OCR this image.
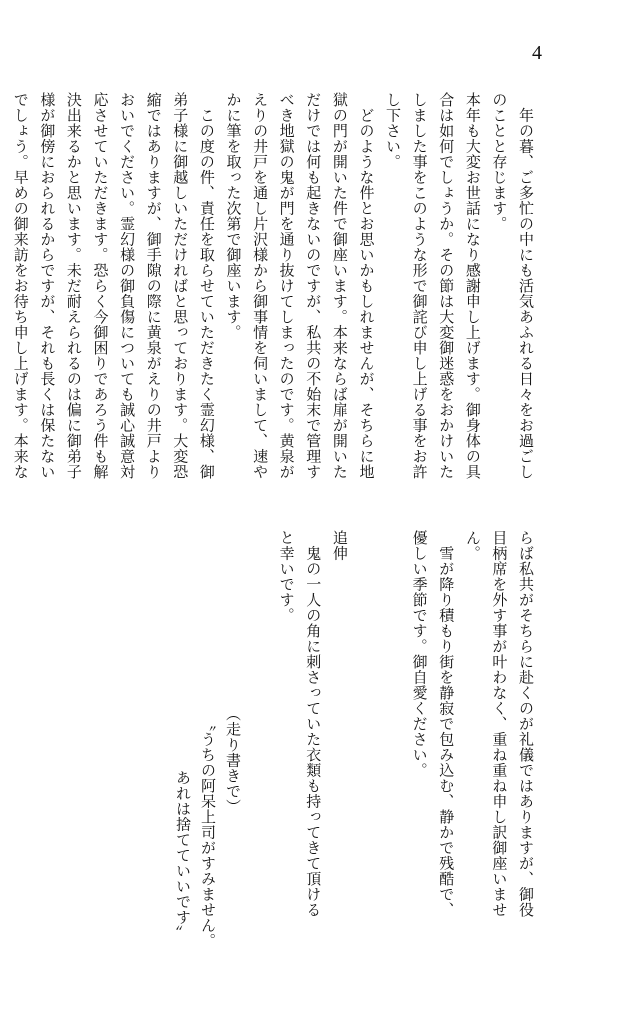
4
　年の暮、ご多忙の中にも活気あふれる日々をお過ごし
のことと存じます。
本年も大変お世話になり感謝申し上げます。御身体の具
合は如何でしょうか。その節は大変御迷惑をおかけいた
しました事をこのような形で御詫び申し上げる事をお許
し下さい。
　どのような件とお思いかもしれませんが、そちらに地
獄の門が開いた件で御座います。本来ならば扉が開いた
だけでは何も起きないのですが、私共の不始末で管理す
べき地獄の鬼が門を通り抜けてしまったのです。黄泉が
えりの井戸を通し片沢様から御事情を伺いまして、速や
かに筆を取った次第で御座います。
　この度の件、責任を取らせていただきたく霊幻様、御
弟子様に御越しいただければと思っております。大変恐
縮ではありますが、御手隙の際に黄泉がえりの井戸より
おいでください。霊幻様の御負傷についても誠心誠意対
応させていただきます。恐らく今御困りであろう件も解
決出来るかと思います。未だ耐えられるのは偏に御弟子
様が御傍におられるからですが、それも長くは保たない
でしょう。早めの御来訪をお待ち申し上げます。本来な
らば私共がそちらに赴くのが礼儀ではありますが、御役
目柄席を外す事が叶わなく、重ね重ね申し訳御座いませ
ん。
　雪が降り積もり街を静寂で包み込む、静かで残酷で、
優しい季節です。御自愛ください。

追伸
　鬼の一人の角に刺さっていた衣類も持ってきて頂ける
と幸いです。
（走り書きで）
〝うちの阿呆上司がすみません。
あれは捨てていいです〟
